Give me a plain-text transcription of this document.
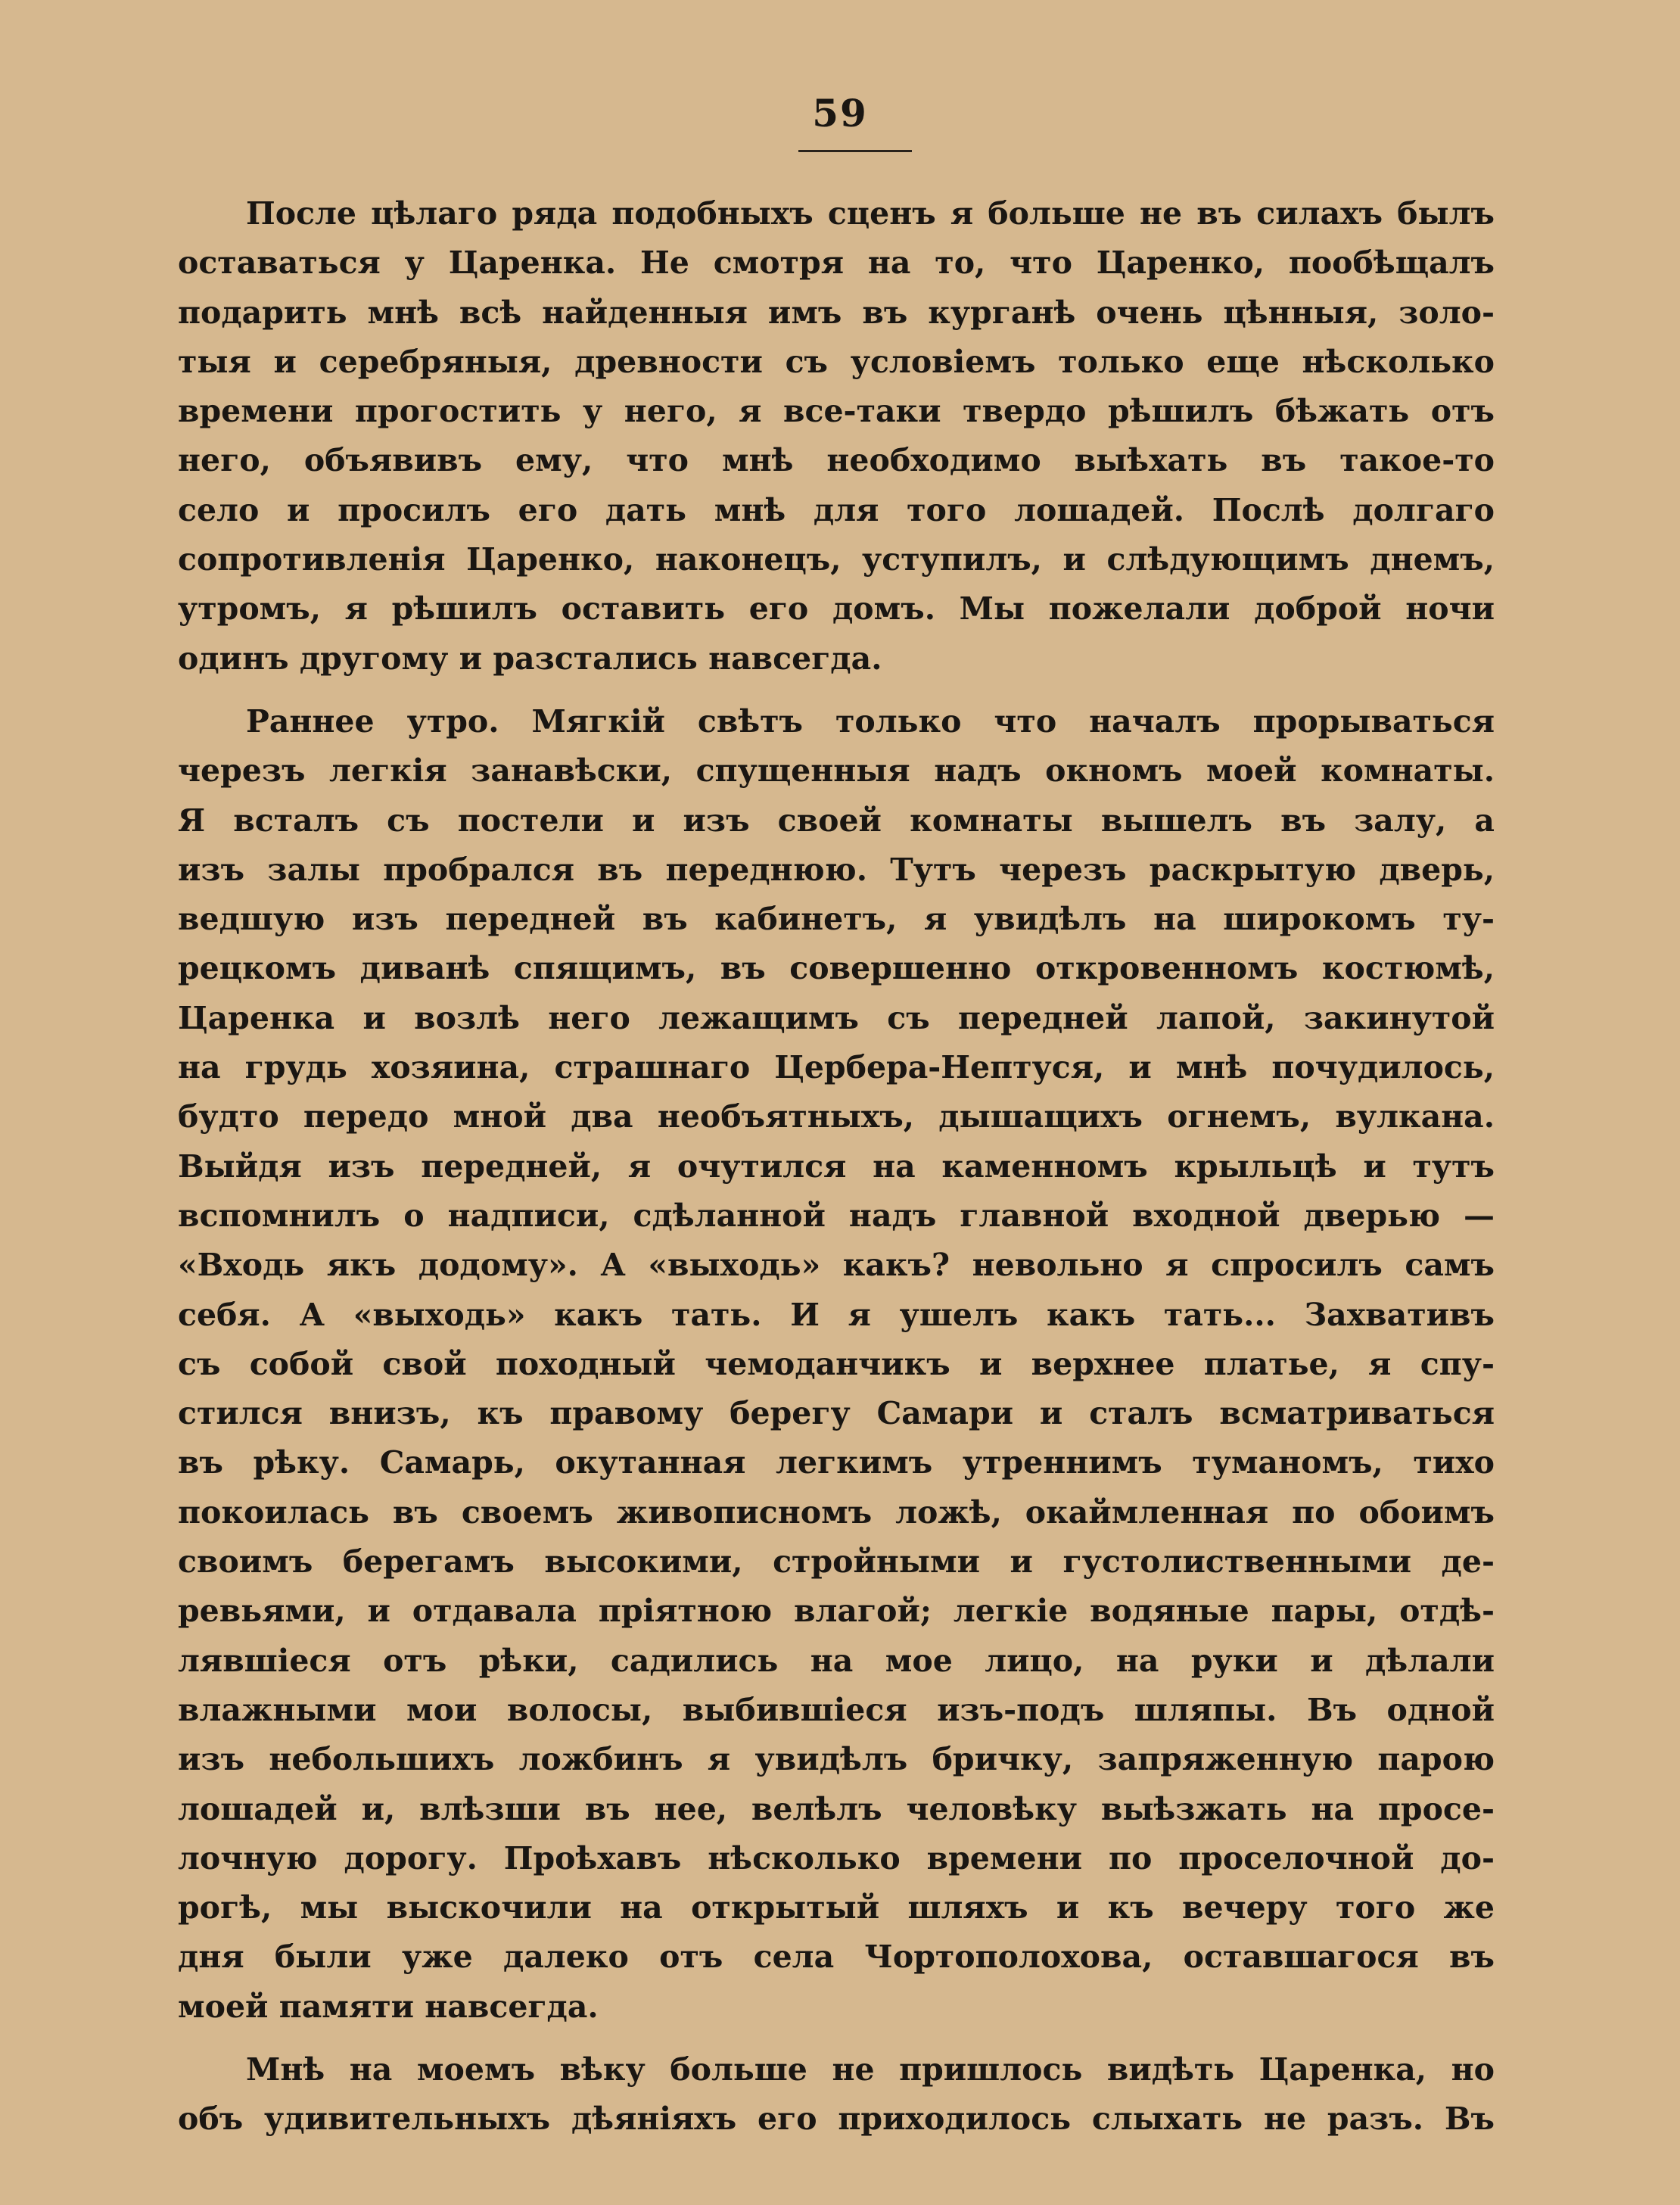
59
После цѣлаго ряда подобныхъ сценъ я больше не въ силахъ былъ
оставаться у Царенка. Не смотря на то, что Царенко, пообѣщалъ
подарить мнѣ всѣ найденныя имъ въ курганѣ очень цѣнныя, золо-
тыя и серебряныя, древности съ условіемъ только еще нѣсколько
времени прогостить у него, я все-таки твердо рѣшилъ бѣжать отъ
него, объявивъ ему, что мнѣ необходимо выѣхать въ такое-то
село и просилъ его дать мнѣ для того лошадей. Послѣ долгаго
сопротивленія Царенко, наконецъ, уступилъ, и слѣдующимъ днемъ,
утромъ, я рѣшилъ оставить его домъ. Мы пожелали доброй ночи
одинъ другому и разстались навсегда.
Раннее утро. Мягкій свѣтъ только что началъ прорываться
черезъ легкія занавѣски, спущенныя надъ окномъ моей комнаты.
Я всталъ съ постели и изъ своей комнаты вышелъ въ залу, а
изъ залы пробрался въ переднюю. Тутъ черезъ раскрытую дверь,
ведшую изъ передней въ кабинетъ, я увидѣлъ на широкомъ ту-
рецкомъ диванѣ спящимъ, въ совершенно откровенномъ костюмѣ,
Царенка и возлѣ него лежащимъ съ передней лапой, закинутой
на грудь хозяина, страшнаго Цербера-Нептуся, и мнѣ почудилось,
будто передо мной два необъятныхъ, дышащихъ огнемъ, вулкана.
Выйдя изъ передней, я очутился на каменномъ крыльцѣ и тутъ
вспомнилъ о надписи, сдѣланной надъ главной входной дверью —
«Входь якъ додому». А «выходь» какъ? невольно я спросилъ самъ
себя. А «выходь» какъ тать. И я ушелъ какъ тать... Захвативъ
съ собой свой походный чемоданчикъ и верхнее платье, я спу-
стился внизъ, къ правому берегу Самари и сталъ всматриваться
въ рѣку. Самарь, окутанная легкимъ утреннимъ туманомъ, тихо
покоилась въ своемъ живописномъ ложѣ, окаймленная по обоимъ
своимъ берегамъ высокими, стройными и густолиственными де-
ревьями, и отдавала пріятною влагой; легкіе водяные пары, отдѣ-
лявшіеся отъ рѣки, садились на мое лицо, на руки и дѣлали
влажными мои волосы, выбившіеся изъ-подъ шляпы. Въ одной
изъ небольшихъ ложбинъ я увидѣлъ бричку, запряженную парою
лошадей и, влѣзши въ нее, велѣлъ человѣку выѣзжать на просе-
лочную дорогу. Проѣхавъ нѣсколько времени по проселочной до-
рогѣ, мы выскочили на открытый шляхъ и къ вечеру того же
дня были уже далеко отъ села Чортополохова, оставшагося въ
моей памяти навсегда.
Мнѣ на моемъ вѣку больше не пришлось видѣть Царенка, но
объ удивительныхъ дѣяніяхъ его приходилось слыхать не разъ. Въ
